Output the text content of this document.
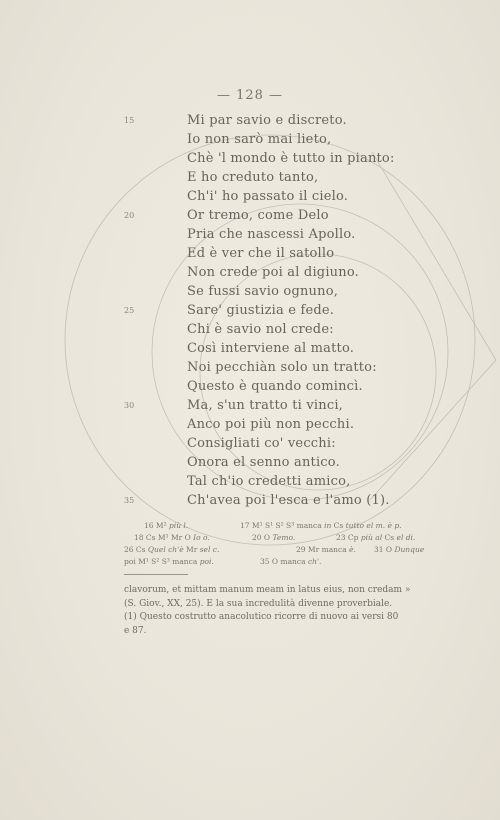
— 128 —
15	Mi par savio e discreto.
Io non sarò mai lieto,
Chè 'l mondo è tutto in pianto:
E ho creduto tanto,
Ch'i' ho passato il cielo.
20	Or tremo, come Delo
Pria che nascessi Apollo.
Ed è ver che il satollo
Non crede poi al digiuno.
Se fussi savio ognuno,
25	Sare' giustizia e fede.
Chi è savio nol crede:
Così interviene al matto.
Noi pecchiàn solo un tratto:
Questo è quando comincì.
30	Ma, s'un tratto ti vinci,
Anco poi più non pecchi.
Consigliati co' vecchi:
Onora el senno antico.
Tal ch'io credetti amico,
35	Ch'avea poi l'esca e l'amo (1).
16 M² più l.	17 M¹ S¹ S² S³ manca in Cs tutto el m. è p.
18 Cs M¹ Mr O Io o.	20 O Temo.	23 Cp più al Cs el di.
26 Cs Quel ch'è Mr sel c.	29 Mr manca è. 31 O Dunque
poi M¹ S² S³ manca poi.	35 O manca ch'.

clavorum, et mittam manum meam in latus eius, non credam »

(S. Giov., XX, 25). E la sua incredulità divenne proverbiale.

(1) Questo costrutto anacolutico ricorre di nuovo ai versi 80

e 87.
